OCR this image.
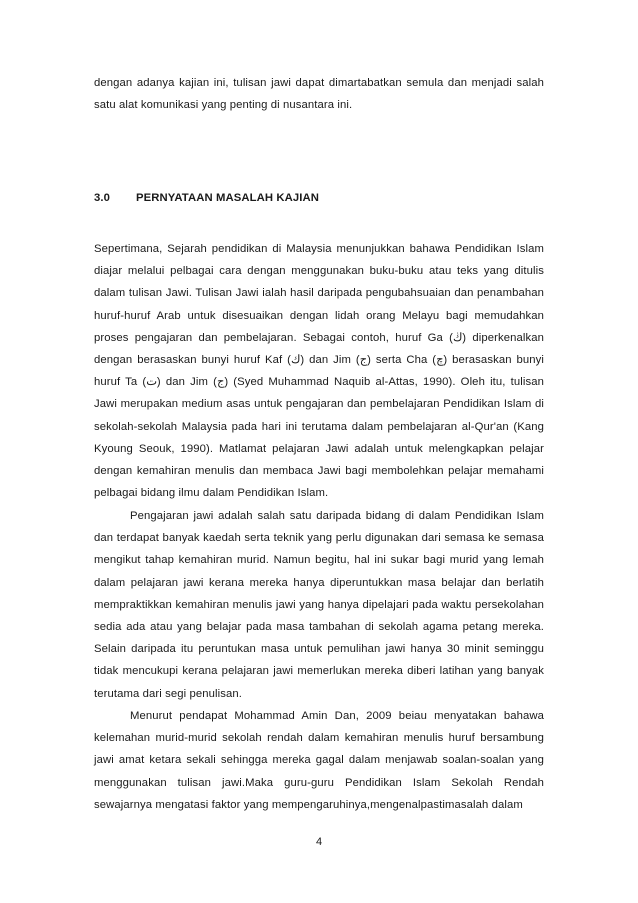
dengan adanya kajian ini, tulisan jawi dapat dimartabatkan semula dan menjadi salah satu alat komunikasi yang penting di nusantara ini.

3.0 PERNYATAAN MASALAH KAJIAN

Sepertimana, Sejarah pendidikan di Malaysia menunjukkan bahawa Pendidikan Islam diajar melalui pelbagai cara dengan menggunakan buku-buku atau teks yang ditulis dalam tulisan Jawi. Tulisan Jawi ialah hasil daripada pengubahsuaian dan penambahan huruf-huruf Arab untuk disesuaikan dengan lidah orang Melayu bagi memudahkan proses pengajaran dan pembelajaran. Sebagai contoh, huruf Ga (ڬ) diperkenalkan dengan berasaskan bunyi huruf Kaf (ك) dan Jim (ج) serta Cha (چ) berasaskan bunyi huruf Ta (ت) dan Jim (ج) (Syed Muhammad Naquib al-Attas, 1990). Oleh itu, tulisan Jawi merupakan medium asas untuk pengajaran dan pembelajaran Pendidikan Islam di sekolah-sekolah Malaysia pada hari ini terutama dalam pembelajaran al-Qur'an (Kang Kyoung Seouk, 1990). Matlamat pelajaran Jawi adalah untuk melengkapkan pelajar dengan kemahiran menulis dan membaca Jawi bagi membolehkan pelajar memahami pelbagai bidang ilmu dalam Pendidikan Islam.

Pengajaran jawi adalah salah satu daripada bidang di dalam Pendidikan Islam dan terdapat banyak kaedah serta teknik yang perlu digunakan dari semasa ke semasa mengikut tahap kemahiran murid. Namun begitu, hal ini sukar bagi murid yang lemah dalam pelajaran jawi kerana mereka hanya diperuntukkan masa belajar dan berlatih mempraktikkan kemahiran menulis jawi yang hanya dipelajari pada waktu persekolahan sedia ada atau yang belajar pada masa tambahan di sekolah agama petang mereka. Selain daripada itu peruntukan masa untuk pemulihan jawi hanya 30 minit seminggu tidak mencukupi kerana pelajaran jawi memerlukan mereka diberi latihan yang banyak terutama dari segi penulisan.

Menurut pendapat Mohammad Amin Dan, 2009 beiau menyatakan bahawa kelemahan murid-murid sekolah rendah dalam kemahiran menulis huruf bersambung jawi amat ketara sekali sehingga mereka gagal dalam menjawab soalan-soalan yang menggunakan tulisan jawi.Maka guru-guru Pendidikan Islam Sekolah Rendah sewajarnya mengatasi faktor yang mempengaruhinya,mengenalpastimasalah dalam

4
